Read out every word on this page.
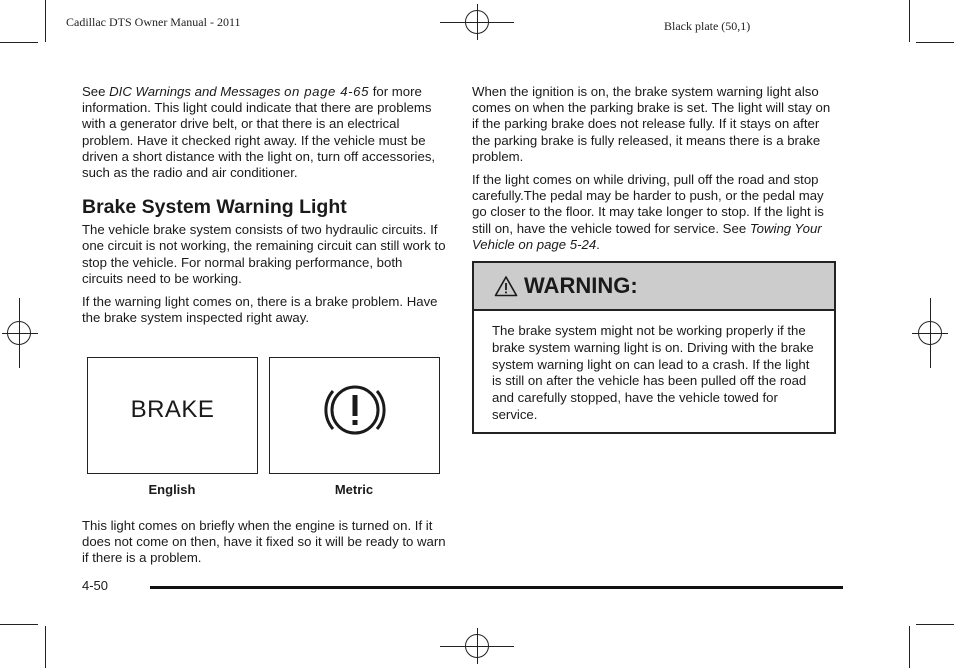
Cadillac DTS Owner Manual - 2011	Black plate (50,1)

See DIC Warnings and Messages on page 4-65 for more information. This light could indicate that there are problems with a generator drive belt, or that there is an electrical problem. Have it checked right away. If the vehicle must be driven a short distance with the light on, turn off accessories, such as the radio and air conditioner.

Brake System Warning Light

The vehicle brake system consists of two hydraulic circuits. If one circuit is not working, the remaining circuit can still work to stop the vehicle. For normal braking performance, both circuits need to be working.

If the warning light comes on, there is a brake problem. Have the brake system inspected right away.

BRAKE
English	Metric

This light comes on briefly when the engine is turned on. If it does not come on then, have it fixed so it will be ready to warn if there is a problem.

When the ignition is on, the brake system warning light also comes on when the parking brake is set. The light will stay on if the parking brake does not release fully. If it stays on after the parking brake is fully released, it means there is a brake problem.

If the light comes on while driving, pull off the road and stop carefully.The pedal may be harder to push, or the pedal may go closer to the floor. It may take longer to stop. If the light is still on, have the vehicle towed for service. See Towing Your Vehicle on page 5-24.

WARNING:
The brake system might not be working properly if the brake system warning light is on. Driving with the brake system warning light on can lead to a crash. If the light is still on after the vehicle has been pulled off the road and carefully stopped, have the vehicle towed for service.
4-50
